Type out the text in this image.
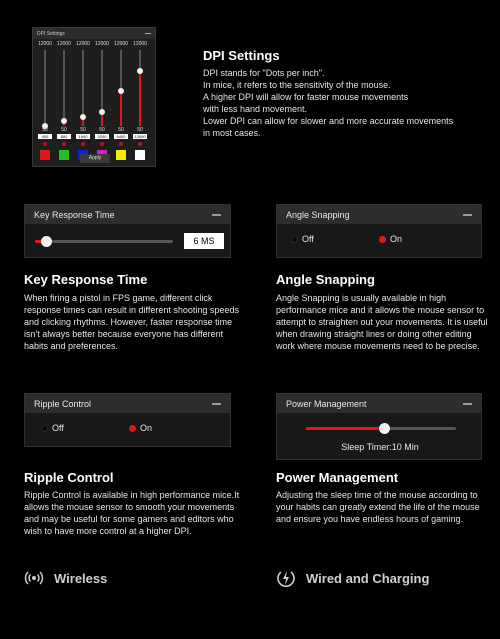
DPI Settings
12000
50
400
12000
50
800
12000
50
1600
12000
50
3200
12000
50
6400
12000
50
12000
Apply
DPI Settings
DPI stands for "Dots per inch".
In mice, it refers to the sensitivity of the mouse.
A higher DPI will allow for faster mouse movements
with less hand movement.
Lower DPI can allow for slower and more accurate movements
in most cases.
Key Response Time
6 MS
Angle Snapping
Off	On
Key Response Time
When firing a pistol in FPS game, different click response times can result in different shooting speeds and clicking rhythms. However, faster response time isn't always better because everyone has different habits and preferences.
Angle Snapping
Angle Snapping is usually available in high performance mice and it allows the mouse sensor to attempt to straighten out your movements. It is useful when drawing straight lines or doing other editing work where mouse movements need to be precise.
Ripple Control
Off	On
Power Management
Sleep Timer:10 Min
Ripple Control
Ripple Control is available in high performance mice.It allows the mouse sensor to smooth your movements and may be useful for some gamers and editors who wish to have more control at a higher DPI.
Power Management
Adjusting the sleep time of the mouse according to your habits can greatly extend the life of the mouse and ensure you have endless hours of gaming.
Wireless	Wired and Charging
